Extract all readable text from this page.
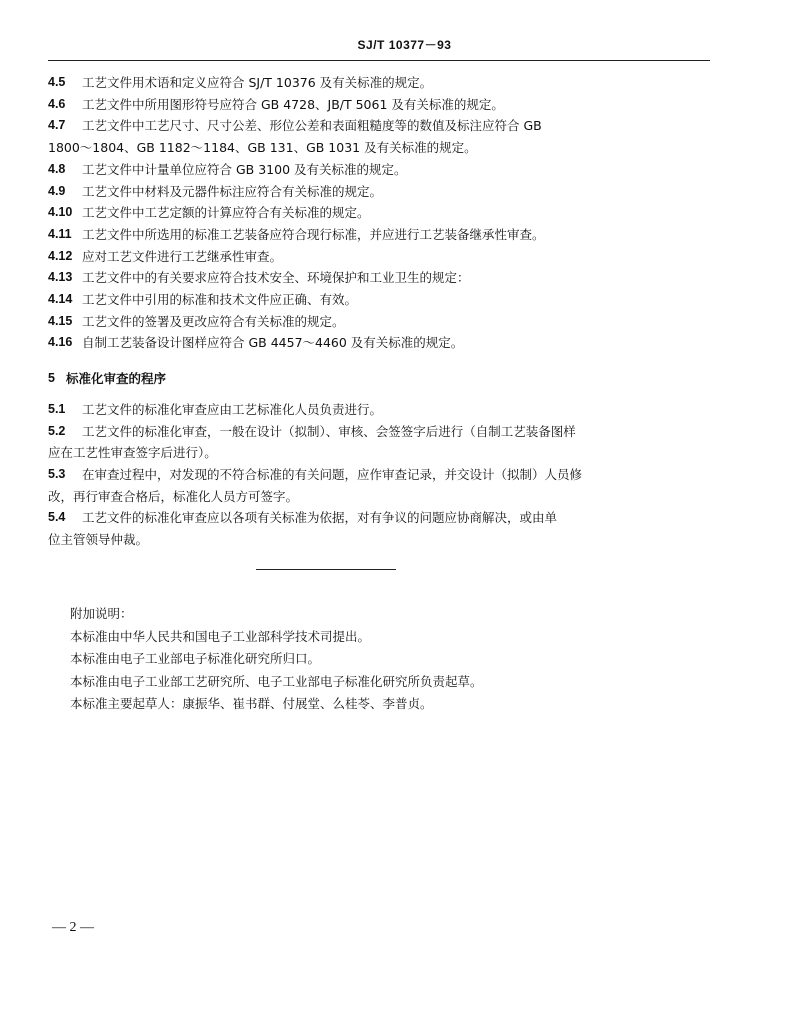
SJ/T 10377－93
4.5	工艺文件用术语和定义应符合 SJ/T 10376 及有关标准的规定。
4.6	工艺文件中所用图形符号应符合 GB 4728、JB/T 5061 及有关标准的规定。
4.7	工艺文件中工艺尺寸、尺寸公差、形位公差和表面粗糙度等的数值及标注应符合 GB
1800～1804、GB 1182～1184、GB 131、GB 1031 及有关标准的规定。
4.8	工艺文件中计量单位应符合 GB 3100 及有关标准的规定。
4.9	工艺文件中材料及元器件标注应符合有关标准的规定。
4.10 工艺文件中工艺定额的计算应符合有关标准的规定。
4.11 工艺文件中所选用的标准工艺装备应符合现行标准，并应进行工艺装备继承性审查。
4.12 应对工艺文件进行工艺继承性审查。
4.13 工艺文件中的有关要求应符合技术安全、环境保护和工业卫生的规定：
4.14 工艺文件中引用的标准和技术文件应正确、有效。
4.15 工艺文件的签署及更改应符合有关标准的规定。
4.16 自制工艺装备设计图样应符合 GB 4457～4460 及有关标准的规定。
5 标准化审查的程序
5.1	工艺文件的标准化审查应由工艺标准化人员负责进行。
5.2	工艺文件的标准化审查，一般在设计（拟制）、审核、会签签字后进行（自制工艺装备图样
应在工艺性审查签字后进行）。
5.3	在审查过程中，对发现的不符合标准的有关问题，应作审查记录，并交设计（拟制）人员修
改，再行审查合格后，标准化人员方可签字。
5.4	工艺文件的标准化审查应以各项有关标准为依据，对有争议的问题应协商解决，或由单
位主管领导仲裁。
附加说明：
本标准由中华人民共和国电子工业部科学技术司提出。
本标准由电子工业部电子标准化研究所归口。
本标准由电子工业部工艺研究所、电子工业部电子标准化研究所负责起草。
本标准主要起草人：康振华、崔书群、付展堂、么桂苓、李普贞。
— 2 —
